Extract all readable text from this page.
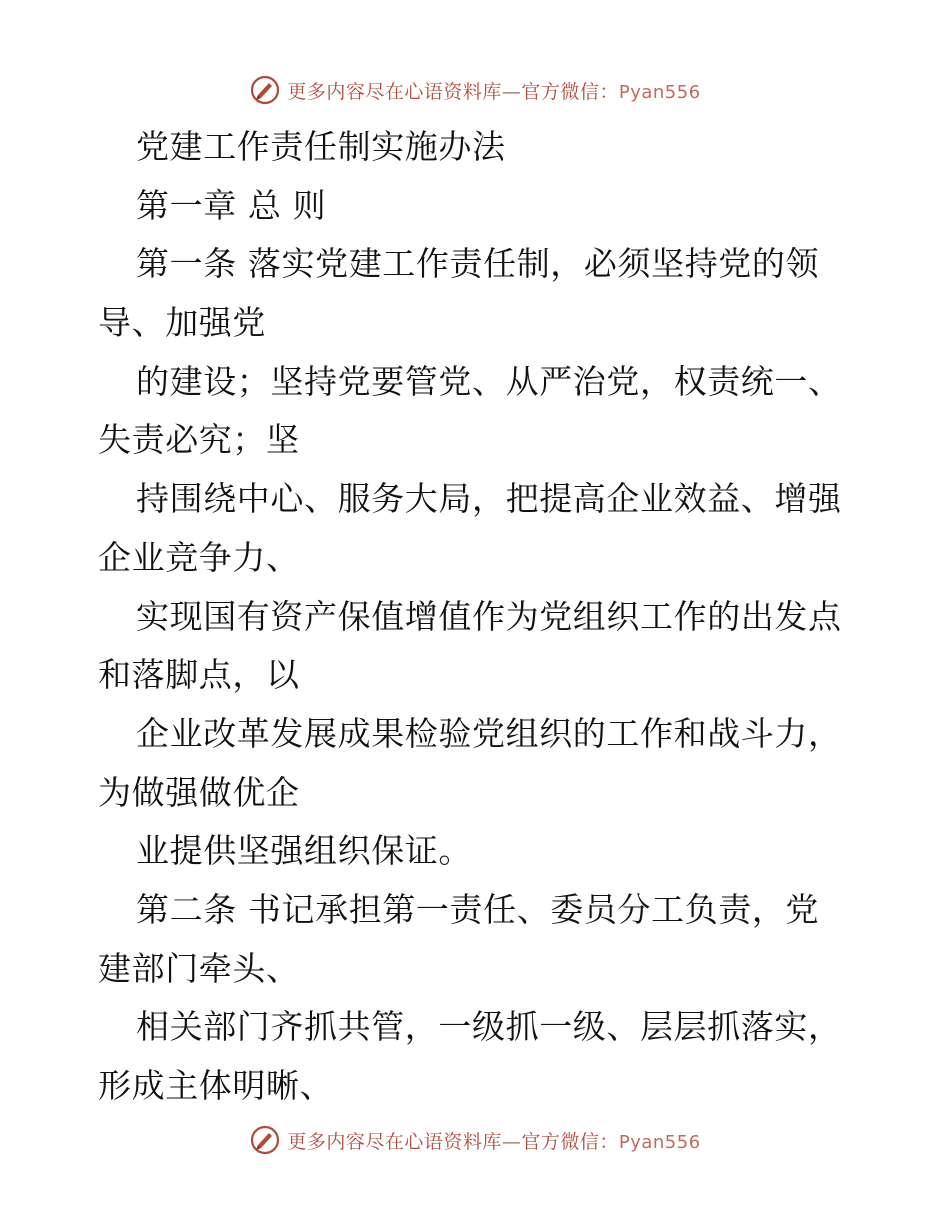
更多内容尽在心语资料库—官方微信：Pyan556
党建工作责任制实施办法
第一章 总 则
第一条 落实党建工作责任制，必须坚持党的领
导、加强党
的建设；坚持党要管党、从严治党，权责统一、
失责必究；坚
持围绕中心、服务大局，把提高企业效益、增强
企业竞争力、
实现国有资产保值增值作为党组织工作的出发点
和落脚点，以
企业改革发展成果检验党组织的工作和战斗力，
为做强做优企
业提供坚强组织保证。
第二条 书记承担第一责任、委员分工负责，党
建部门牵头、
相关部门齐抓共管，一级抓一级、层层抓落实，
形成主体明晰、
更多内容尽在心语资料库—官方微信：Pyan556
